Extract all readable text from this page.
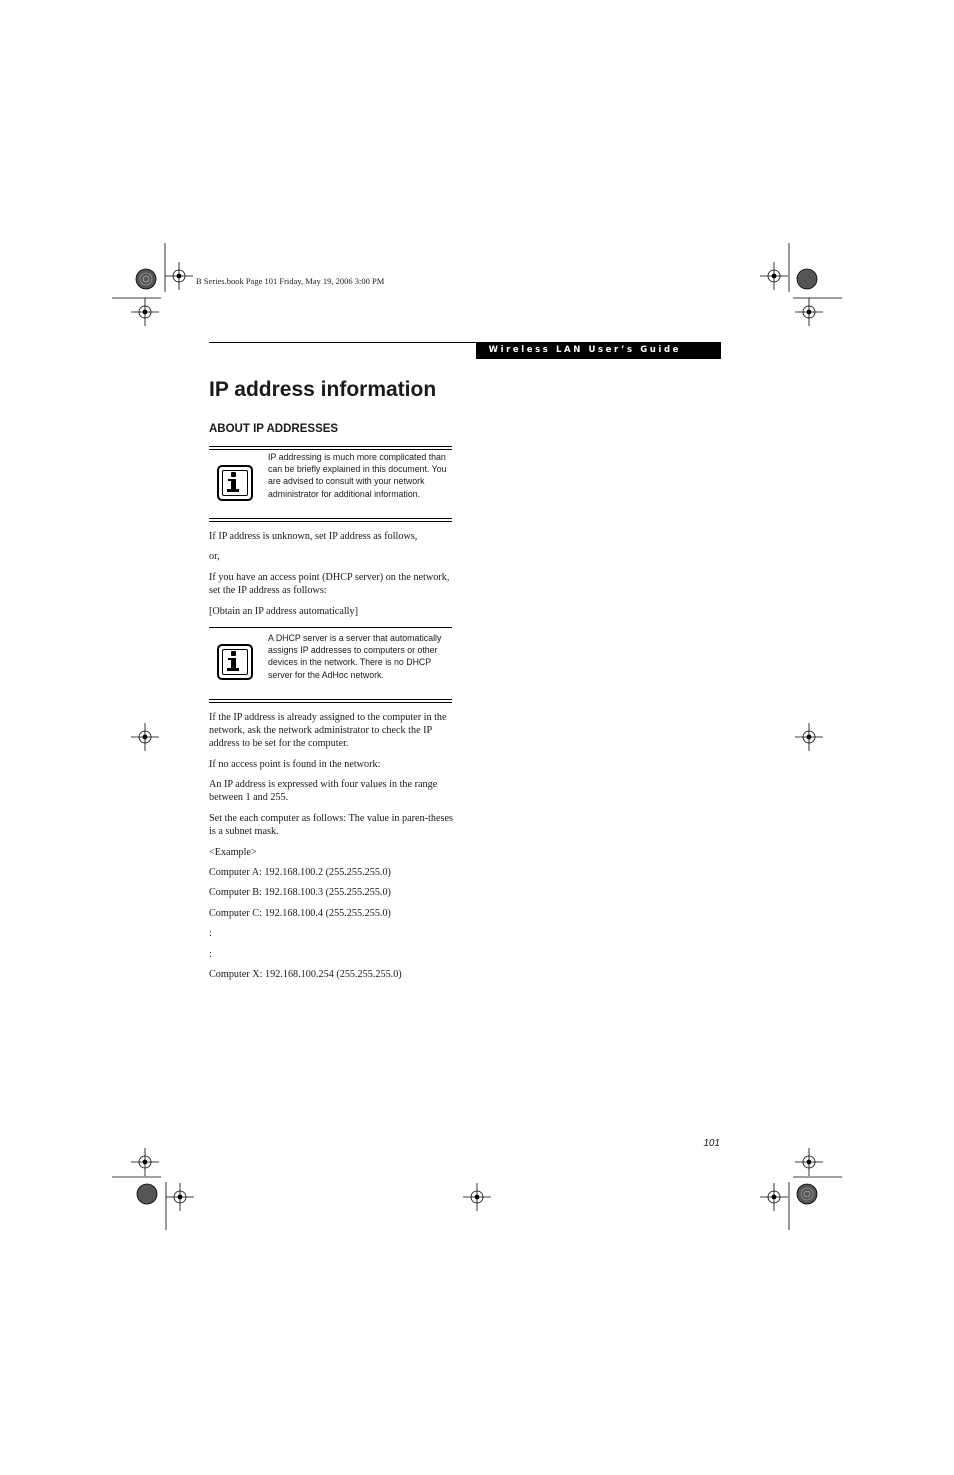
B Series.book Page 101 Friday, May 19, 2006 3:00 PM
Wireless LAN User’s Guide
IP address information
ABOUT IP ADDRESSES
IP addressing is much more complicated than can be briefly explained in this document. You are advised to consult with your network administrator for additional information.
If IP address is unknown, set IP address as follows,
or,
If you have an access point (DHCP server) on the network, set the IP address as follows:
[Obtain an IP address automatically]
A DHCP server is a server that automatically assigns IP addresses to computers or other devices in the network. There is no DHCP server for the AdHoc network.
If the IP address is already assigned to the computer in the network, ask the network administrator to check the IP address to be set for the computer.
If no access point is found in the network:
An IP address is expressed with four values in the range between 1 and 255.
Set the each computer as follows: The value in paren-theses is a subnet mask.
<Example>
Computer A: 192.168.100.2 (255.255.255.0)
Computer B: 192.168.100.3 (255.255.255.0)
Computer C: 192.168.100.4 (255.255.255.0)
:
:
Computer X: 192.168.100.254 (255.255.255.0)
101
